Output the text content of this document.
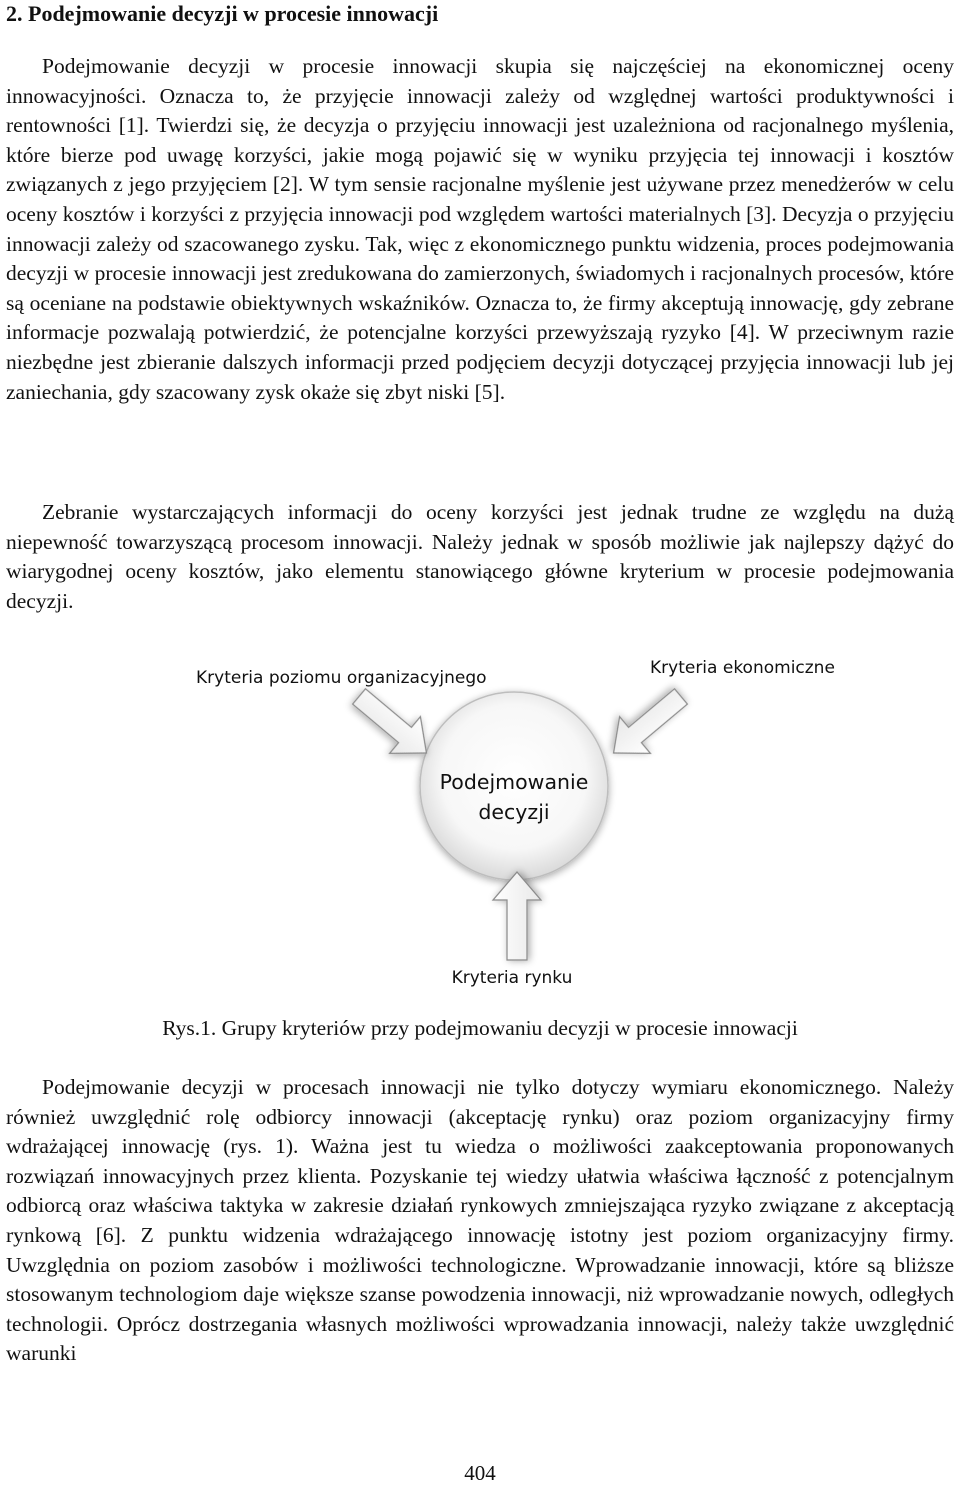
2. Podejmowanie decyzji w procesie innowacji

Podejmowanie decyzji w procesie innowacji skupia się najczęściej na ekonomicznej oceny innowacyjności. Oznacza to, że przyjęcie innowacji zależy od względnej wartości produktywności i rentowności [1]. Twierdzi się, że decyzja o przyjęciu innowacji jest uzależniona od racjonalnego myślenia, które bierze pod uwagę korzyści, jakie mogą pojawić się w wyniku przyjęcia tej innowacji i kosztów związanych z jego przyjęciem [2]. W tym sensie racjonalne myślenie jest używane przez menedżerów w celu oceny kosztów i korzyści z przyjęcia innowacji pod względem wartości materialnych [3]. Decyzja o przyjęciu innowacji zależy od szacowanego zysku. Tak, więc z ekonomicznego punktu widzenia, proces podejmowania decyzji w procesie innowacji jest zredukowana do zamierzonych, świadomych i racjonalnych procesów, które są oceniane na podstawie obiektywnych wskaźników. Oznacza to, że firmy akceptują innowację, gdy zebrane informacje pozwalają potwierdzić, że potencjalne korzyści przewyższają ryzyko [4]. W przeciwnym razie niezbędne jest zbieranie dalszych informacji przed podjęciem decyzji dotyczącej przyjęcia innowacji lub jej zaniechania, gdy szacowany zysk okaże się zbyt niski [5].

Zebranie wystarczających informacji do oceny korzyści jest jednak trudne ze względu na dużą niepewność towarzyszącą procesom innowacji. Należy jednak w sposób możliwie jak najlepszy dążyć do wiarygodnej oceny kosztów, jako elementu stanowiącego główne kryterium w procesie podejmowania decyzji.

Kryteria poziomu organizacyjnego	Kryteria ekonomiczne
Podejmowanie decyzji
Kryteria rynku

Rys.1. Grupy kryteriów przy podejmowaniu decyzji w procesie innowacji

Podejmowanie decyzji w procesach innowacji nie tylko dotyczy wymiaru ekonomicznego. Należy również uwzględnić rolę odbiorcy innowacji (akceptację rynku) oraz poziom organizacyjny firmy wdrażającej innowację (rys. 1). Ważna jest tu wiedza o możliwości zaakceptowania proponowanych rozwiązań innowacyjnych przez klienta. Pozyskanie tej wiedzy ułatwia właściwa łączność z potencjalnym odbiorcą oraz właściwa taktyka w zakresie działań rynkowych zmniejszająca ryzyko związane z akceptacją rynkową [6]. Z punktu widzenia wdrażającego innowację istotny jest poziom organizacyjny firmy. Uwzględnia on poziom zasobów i możliwości technologiczne. Wprowadzanie innowacji, które są bliższe stosowanym technologiom daje większe szanse powodzenia innowacji, niż wprowadzanie nowych, odległych technologii. Oprócz dostrzegania własnych możliwości wprowadzania innowacji, należy także uwzględnić warunki

404
